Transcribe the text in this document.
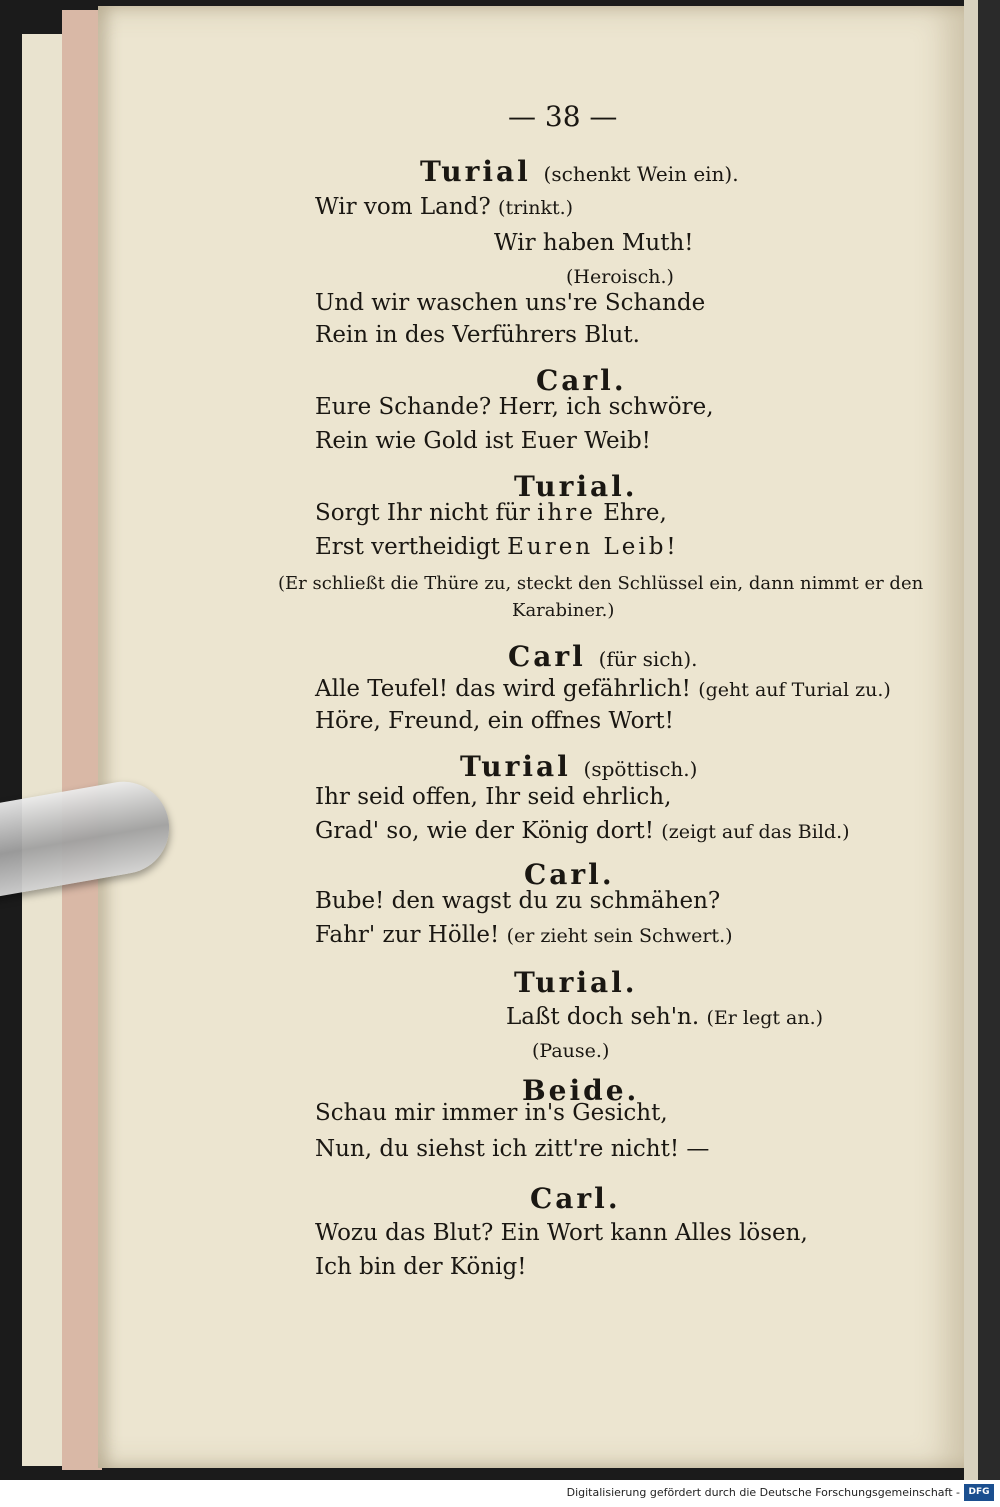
— 38 —
Turial (schenkt Wein ein).
Wir vom Land? (trinkt.)
Wir haben Muth!
(Heroisch.)
Und wir waschen uns're Schande
Rein in des Verführers Blut.
Carl.
Eure Schande? Herr, ich schwöre,
Rein wie Gold ist Euer Weib!
Turial.
Sorgt Ihr nicht für ihre Ehre,
Erst vertheidigt Euren Leib!
(Er schließt die Thüre zu, steckt den Schlüssel ein, dann nimmt er den
Karabiner.)
Carl (für sich).
Alle Teufel! das wird gefährlich! (geht auf Turial zu.)
Höre, Freund, ein offnes Wort!
Turial (spöttisch.)
Ihr seid offen, Ihr seid ehrlich,
Grad' so, wie der König dort! (zeigt auf das Bild.)
Carl.
Bube! den wagst du zu schmähen?
Fahr' zur Hölle! (er zieht sein Schwert.)
Turial.
Laßt doch seh'n. (Er legt an.)
(Pause.)
Beide.
Schau mir immer in's Gesicht,
Nun, du siehst ich zitt're nicht! —
Carl.
Wozu das Blut? Ein Wort kann Alles lösen,
Ich bin der König!
Digitalisierung gefördert durch die Deutsche Forschungsgemeinschaft - DFG
